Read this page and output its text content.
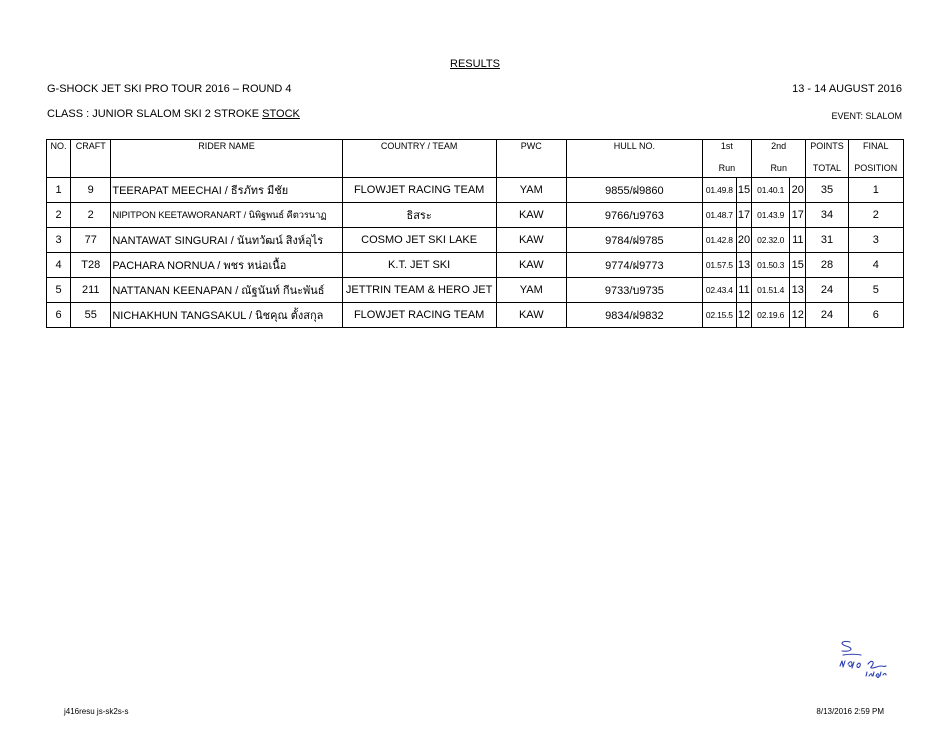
RESULTS
G-SHOCK JET SKI PRO TOUR 2016 – ROUND 4	13 - 14 AUGUST 2016
CLASS : JUNIOR SLALOM SKI 2 STROKE STOCK	EVENT: SLALOM
NO.	CRAFT	RIDER NAME	COUNTRY / TEAM	PWC	HULL NO.	1st		2nd		POINTS	FINAL
						Run		Run		TOTAL	POSITION
1	9	TEERAPAT MEECHAI / ธีรภัทร มีชัย	FLOWJET RACING TEAM	YAM	9855/ฝ9860	01.49.8	15	01.40.1	20	35	1
2	2	NIPITPON KEETAWORANART / นิพิฐพนธ์ คีตวรนาฏ	ธิสระ	KAW	9766/บ9763	01.48.7	17	01.43.9	17	34	2
3	77	NANTAWAT SINGURAI / นันทวัฒน์ สิงห์อุไร	COSMO JET SKI LAKE	KAW	9784/ฝ9785	01.42.8	20	02.32.0	11	31	3
4	T28	PACHARA NORNUA / พชร หน่อเนื้อ	K.T. JET SKI	KAW	9774/ฝ9773	01.57.5	13	01.50.3	15	28	4
5	211	NATTANAN KEENAPAN / ณัฐนันท์ กีนะพันธ์	JETTRIN TEAM & HERO JET	YAM	9733/บ9735	02.43.4	11	01.51.4	13	24	5
6	55	NICHAKHUN TANGSAKUL / นิชคุณ ตั้งสกุล	FLOWJET RACING TEAM	KAW	9834/ฝ9832	02.15.5	12	02.19.6	12	24	6
j416resu js-sk2s-s	8/13/2016 2:59 PM
